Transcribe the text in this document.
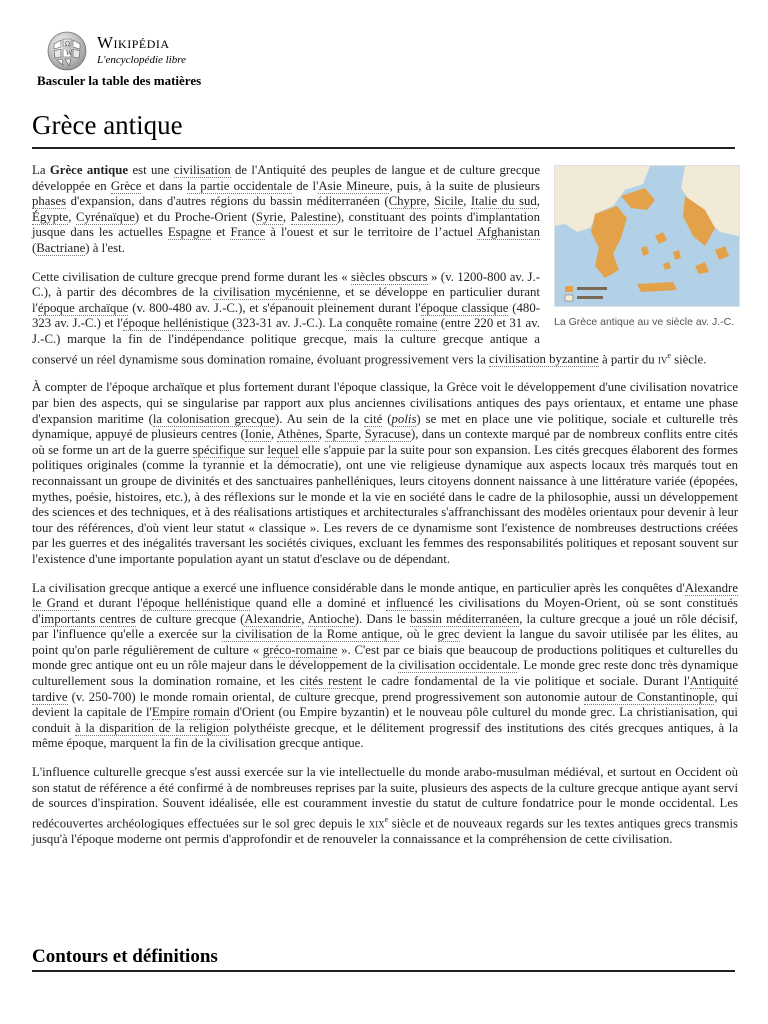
Ω
W
Wikipédia
L'encyclopédie libre
Basculer la table des matières
Grèce antique
La Grèce antique au ve siècle av. J.-C.

La Grèce antique est une civilisation de l'Antiquité des peuples de langue et de culture grecque développée en Grèce et dans la partie occidentale de l'Asie Mineure, puis, à la suite de plusieurs phases d'expansion, dans d'autres régions du bassin méditerranéen (Chypre, Sicile, Italie du sud, Égypte, Cyrénaïque) et du Proche-Orient (Syrie, Palestine), constituant des points d'implantation jusque dans les actuelles Espagne et France à l'ouest et sur le territoire de l’actuel Afghanistan (Bactriane) à l'est.

Cette civilisation de culture grecque prend forme durant les « siècles obscurs » (v. 1200-800 av. J.-C.), à partir des décombres de la civilisation mycénienne, et se développe en particulier durant l'époque archaïque (v. 800-480 av. J.-C.), et s'épanouit pleinement durant l'époque classique (480-323 av. J.-C.) et l'époque hellénistique (323-31 av. J.-C.). La conquête romaine (entre 220 et 31 av. J.-C.) marque la fin de l'indépendance politique grecque, mais la culture grecque antique a conservé un réel dynamisme sous domination romaine, évoluant progressivement vers la civilisation byzantine à partir du $iv^e$ siècle.

À compter de l'époque archaïque et plus fortement durant l'époque classique, la Grèce voit le développement d'une civilisation novatrice par bien des aspects, qui se singularise par rapport aux plus anciennes civilisations antiques des pays orientaux, et entame une phase d'expansion maritime (la colonisation grecque). Au sein de la cité (polis) se met en place une vie politique, sociale et culturelle très dynamique, appuyé de plusieurs centres (Ionie, Athènes, Sparte, Syracuse), dans un contexte marqué par de nombreux conflits entre cités où se forme un art de la guerre spécifique sur lequel elle s'appuie par la suite pour son expansion. Les cités grecques élaborent des formes politiques originales (comme la tyrannie et la démocratie), ont une vie religieuse dynamique aux aspects locaux très marqués tout en reconnaissant un groupe de divinités et des sanctuaires panhelléniques, leurs citoyens donnent naissance à une littérature variée (épopées, mythes, poésie, histoires, etc.), à des réflexions sur le monde et la vie en société dans le cadre de la philosophie, aussi un développement des sciences et des techniques, et à des réalisations artistiques et architecturales s'affranchissant des modèles orientaux pour devenir à leur tour des références, d'où vient leur statut « classique ». Les revers de ce dynamisme sont l'existence de nombreuses destructions créées par les guerres et des inégalités traversant les sociétés civiques, excluant les femmes des responsabilités politiques et reposant souvent sur l'existence d'une importante population ayant un statut d'esclave ou de dépendant.

La civilisation grecque antique a exercé une influence considérable dans le monde antique, en particulier après les conquêtes d'Alexandre le Grand et durant l'époque hellénistique quand elle a dominé et influencé les civilisations du Moyen-Orient, où se sont constitués d'importants centres de culture grecque (Alexandrie, Antioche). Dans le bassin méditerranéen, la culture grecque a joué un rôle décisif, par l'influence qu'elle a exercée sur la civilisation de la Rome antique, où le grec devient la langue du savoir utilisée par les élites, au point qu'on parle régulièrement de culture « gréco-romaine ». C'est par ce biais que beaucoup de productions politiques et culturelles du monde grec antique ont eu un rôle majeur dans le développement de la civilisation occidentale. Le monde grec reste donc très dynamique culturellement sous la domination romaine, et les cités restent le cadre fondamental de la vie politique et sociale. Durant l'Antiquité tardive (v. 250-700) le monde romain oriental, de culture grecque, prend progressivement son autonomie autour de Constantinople, qui devient la capitale de l'Empire romain d'Orient (ou Empire byzantin) et le nouveau pôle culturel du monde grec. La christianisation, qui conduit à la disparition de la religion polythéiste grecque, et le délitement progressif des institutions des cités grecques antiques, à la même époque, marquent la fin de la civilisation grecque antique.

L'influence culturelle grecque s'est aussi exercée sur la vie intellectuelle du monde arabo-musulman médiéval, et surtout en Occident où son statut de référence a été confirmé à de nombreuses reprises par la suite, plusieurs des aspects de la culture grecque antique ayant servi de sources d'inspiration. Souvent idéalisée, elle est couramment investie du statut de culture fondatrice pour le monde occidental. Les redécouvertes archéologiques effectuées sur le sol grec depuis le xix$^e$ siècle et de nouveaux regards sur les textes antiques grecs transmis jusqu'à l'époque moderne ont permis d'approfondir et de renouveler la connaissance et la compréhension de cette civilisation.

Contours et définitions
